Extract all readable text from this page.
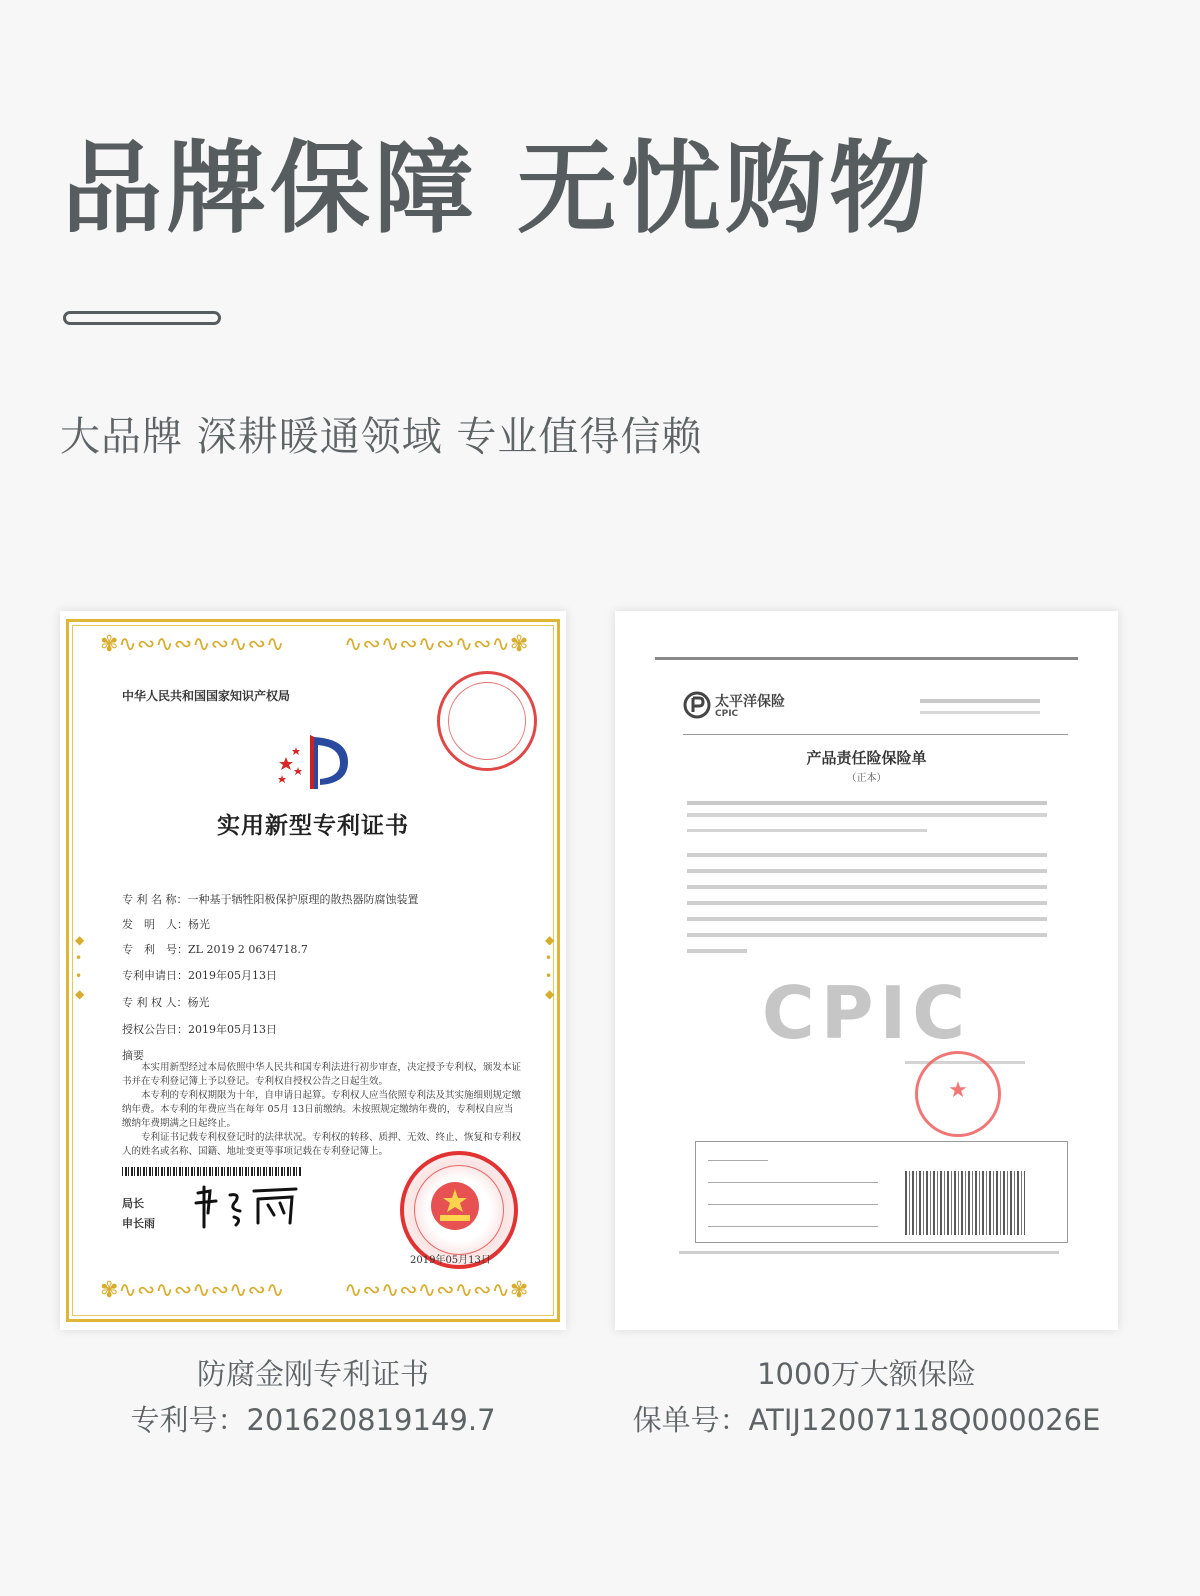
品牌保障 无忧购物
大品牌 深耕暖通领域 专业值得信赖
✾∿∾∿∾∿∾∿∾∿	∿∾∿∾∿∾∿∾∿✾
✾∿∾∿∾∿∾∿∾∿	∿∾∿∾∿∾∿∾∿✾
◆
•
•
◆
◆
•
•
◆
中华人民共和国国家知识产权局
实用新型专利证书
专 利 名 称：一种基于牺牲阳极保护原理的散热器防腐蚀装置
发　明　人：杨光
专　利　号：ZL 2019 2 0674718.7
专利申请日：2019年05月13日
专 利 权 人：杨光
授权公告日：2019年05月13日
摘要
本实用新型经过本局依照中华人民共和国专利法进行初步审查，决定授予专利权，颁发本证书并在专利登记簿上予以登记。专利权自授权公告之日起生效。
本专利的专利权期限为十年，自申请日起算。专利权人应当依照专利法及其实施细则规定缴纳年费。本专利的年费应当在每年 05月 13日前缴纳。未按照规定缴纳年费的，专利权自应当缴纳年费期满之日起终止。
专利证书记载专利权登记时的法律状况。专利权的转移、质押、无效、终止、恢复和专利权人的姓名或名称、国籍、地址变更等事项记载在专利登记簿上。
局长
申长雨
2019年05月13日
太平洋保险
CPIC
产品责任险保险单
（正本）
CPIC
★
防腐金刚专利证书
专利号：201620819149.7
1000万大额保险
保单号：ATIJ12007118Q000026E
